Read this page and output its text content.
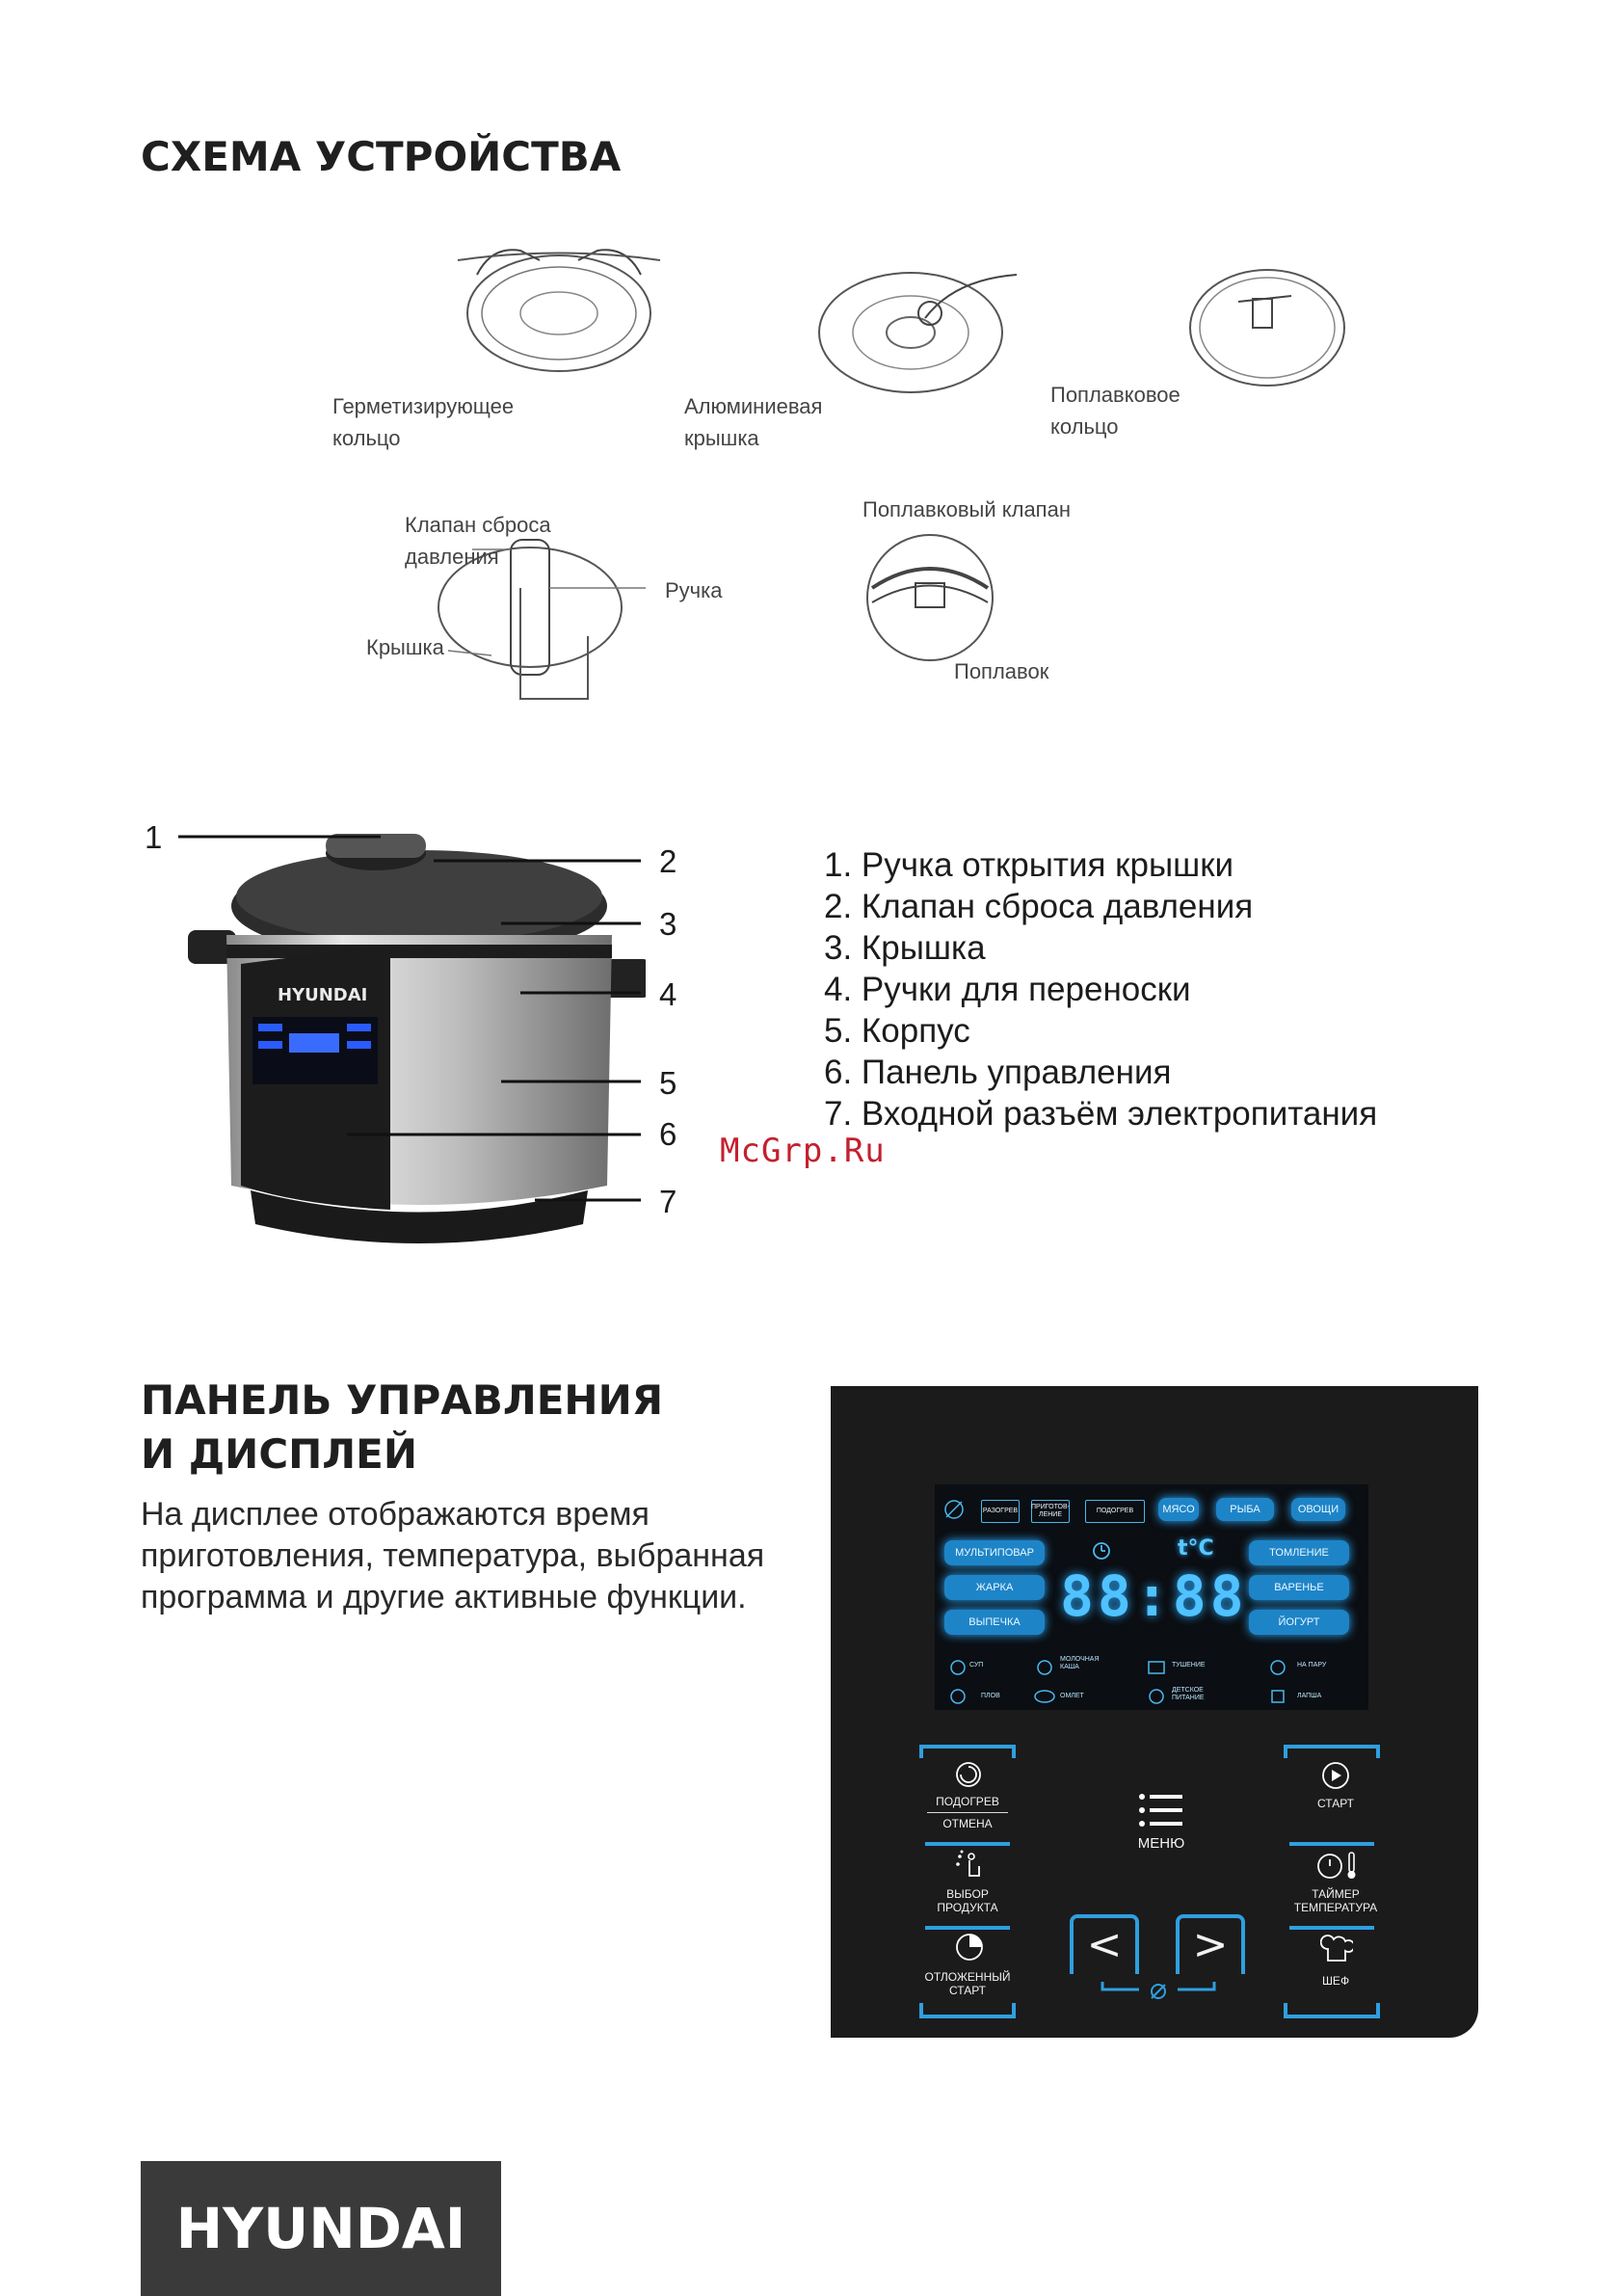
СХЕМА УСТРОЙСТВА
Герметизирующее
кольцо
Алюминиевая
крышка
Поплавковое
кольцо
Клапан сброса
давления
Ручка
Крышка
Поплавковый клапан
Поплавок
HYUNDAI
1
2
3
4
5
6
7
1. Ручка открытия крышки
2. Клапан сброса давления
3. Крышка
4. Ручки для переноски
5. Корпус
6. Панель управления
7. Входной разъём электропитания
McGrp.Ru
ПАНЕЛЬ УПРАВЛЕНИЯ
И ДИСПЛЕЙ
На дисплее отображаются время
приготовления, температура, выбранная
программа и другие активные функции.
РАЗОГРЕВ
ПРИГОТОВ-
ЛЕНИЕ
ПОДОГРЕВ	МЯСО	РЫБА	ОВОЩИ
МУЛЬТИПОВАР
ЖАРКА
ВЫПЕЧКА
t°C
88:88
ТОМЛЕНИЕ
ВАРЕНЬЕ
ЙОГУРТ
СУП
МОЛОЧНАЯ
КАША	ТУШЕНИЕ	НА ПАРУ
ПЛОВ	ОМЛЕТ
ДЕТСКОЕ
ПИТАНИЕ	ЛАПША
ПОДОГРЕВ
ОТМЕНА
МЕНЮ
СТАРТ
ВЫБОР
ПРОДУКТА
ТАЙМЕР
ТЕМПЕРАТУРА
ОТЛОЖЕННЫЙ
СТАРТ
ШЕФ
<	>
HYUNDAI
